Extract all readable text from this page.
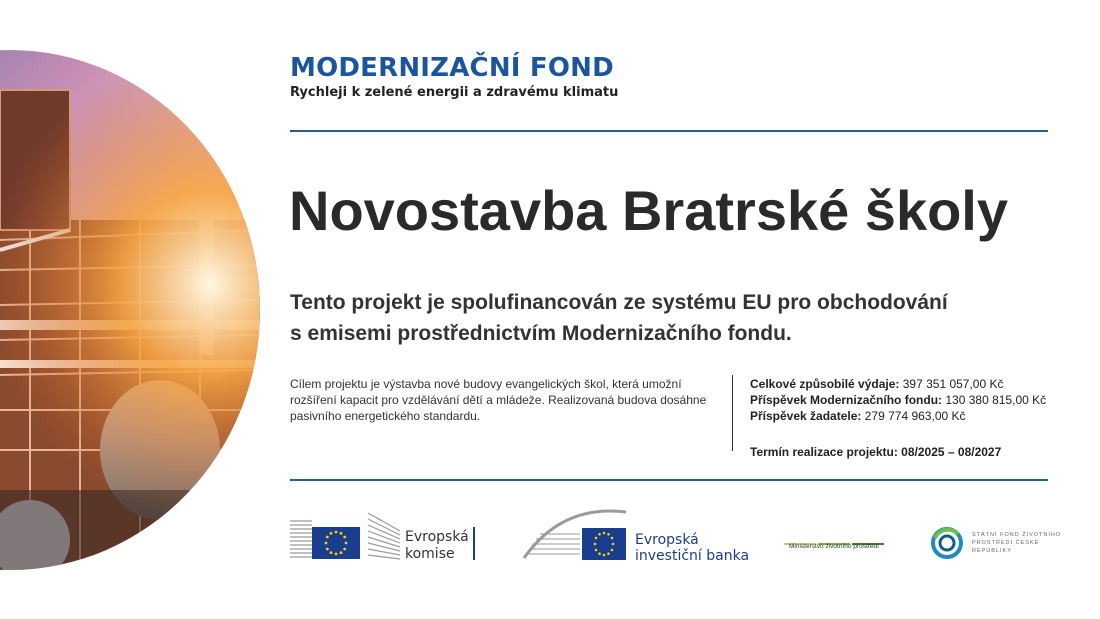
MODERNIZAČNÍ FOND
Rychleji k zelené energii a zdravému klimatu
Novostavba Bratrské školy
Tento projekt je spolufinancován ze systému EU pro obchodování
s emisemi prostřednictvím Modernizačního fondu.
Cílem projektu je výstavba nové budovy evangelických škol, která umožní rozšíření kapacit pro vzdělávání dětí a mládeže. Realizovaná budova dosáhne pasivního energetického standardu.
Celkové způsobilé výdaje: 397 351 057,00 Kč
Příspěvek Modernizačního fondu: 130 380 815,00 Kč
Příspěvek žadatele: 279 774 963,00 Kč
Termín realizace projektu: 08/2025 – 08/2027
Evropská
komise
Evropská
investiční banka
Ministerstvo životního prostředí
STÁTNÍ FOND ŽIVOTNÍHO PROSTŘEDÍ ČESKÉ REPUBLIKY
